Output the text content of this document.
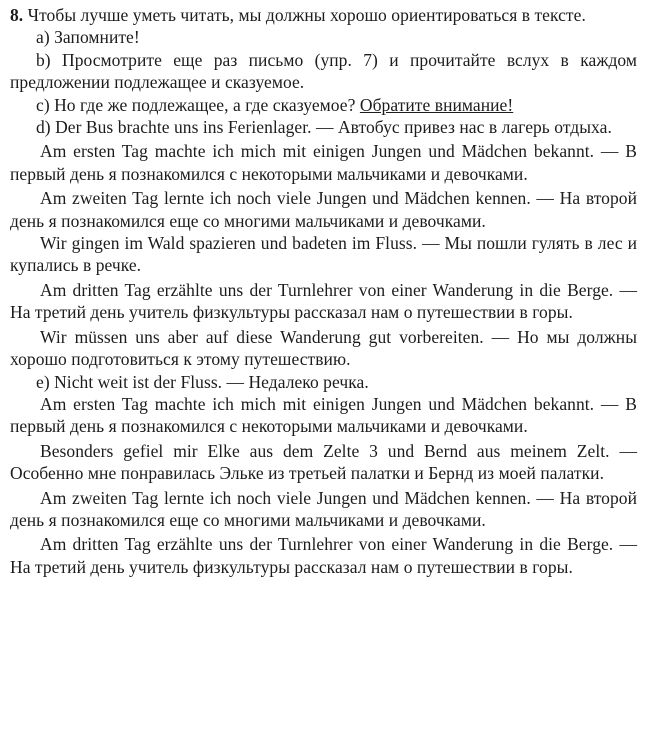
8. Чтобы лучше уметь читать, мы должны хорошо ориентироваться в тексте.

a) Запомните!

b) Просмотрите еще раз письмо (упр. 7) и прочитайте вслух в каждом предложении подлежащее и сказуемое.

c) Но где же подлежащее, а где сказуемое? Обратите внимание!

d) Der Bus brachte uns ins Ferienlager. — Автобус привез нас в лагерь отдыха.

Am ersten Tag machte ich mich mit einigen Jungen und Mädchen bekannt. — В первый день я познакомился с некоторыми мальчиками и девочками.

Am zweiten Tag lernte ich noch viele Jungen und Mädchen kennen. — На второй день я познакомился еще со многими мальчиками и девочками.

Wir gingen im Wald spazieren und badeten im Fluss. — Мы пошли гулять в лес и купались в речке.

Am dritten Tag erzählte uns der Turnlehrer von einer Wanderung in die Berge. — На третий день учитель физкультуры рассказал нам о путешествии в горы.

Wir müssen uns aber auf diese Wanderung gut vorbereiten. — Но мы должны хорошо подготовиться к этому путешествию.

e) Nicht weit ist der Fluss. — Недалеко речка.

Am ersten Tag machte ich mich mit einigen Jungen und Mädchen bekannt. — В первый день я познакомился с некоторыми мальчиками и девочками.

Besonders gefiel mir Elke aus dem Zelte 3 und Bernd aus meinem Zelt. — Особенно мне понравилась Эльке из третьей палатки и Бернд из моей палатки.

Am zweiten Tag lernte ich noch viele Jungen und Mädchen kennen. — На второй день я познакомился еще со многими мальчиками и девочками.

Am dritten Tag erzählte uns der Turnlehrer von einer Wanderung in die Berge. — На третий день учитель физкультуры рассказал нам о путешествии в горы.
